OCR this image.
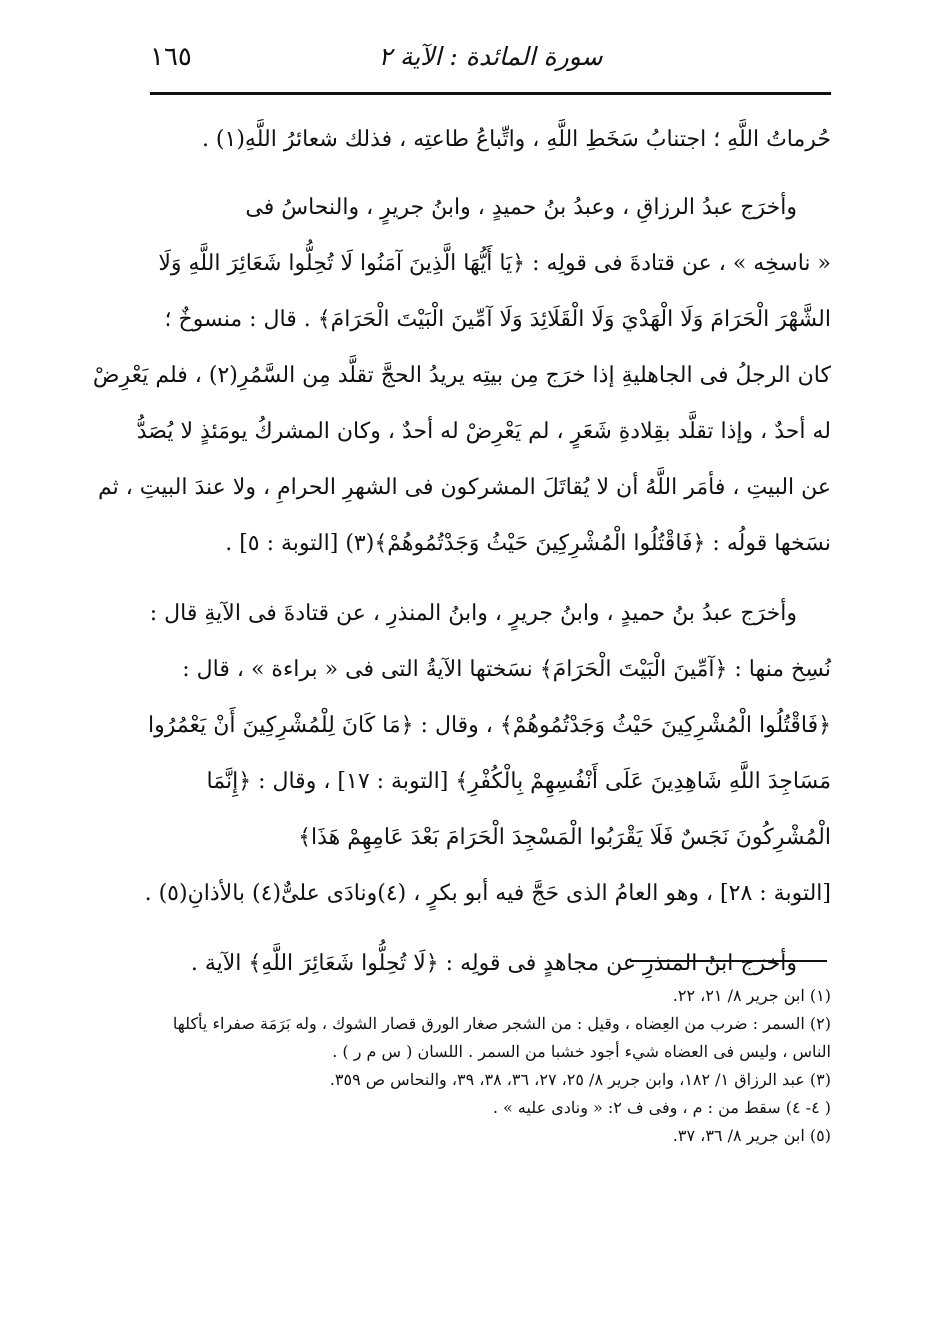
١٦٥	سورة المائدة : الآية ٢

حُرماتُ اللَّهِ ؛ اجتنابُ سَخَطِ اللَّهِ ، واتِّباعُ طاعتِه ، فذلك شعائرُ اللَّهِ(١) .

وأخرَج عبدُ الرزاقِ ، وعبدُ بنُ حميدٍ ، وابنُ جريرٍ ، والنحاسُ فى
« ناسخِه » ، عن قتادةَ فى قولِه : ﴿يَا أَيُّهَا الَّذِينَ آمَنُوا لَا تُحِلُّوا شَعَائِرَ اللَّهِ وَلَا
الشَّهْرَ الْحَرَامَ وَلَا الْهَدْيَ وَلَا الْقَلَائِدَ وَلَا آمِّينَ الْبَيْتَ الْحَرَامَ﴾ . قال : منسوخٌ ؛
كان الرجلُ فى الجاهليةِ إذا خرَج مِن بيتِه يريدُ الحجَّ تقلَّد مِن السَّمُرِ(٢) ، فلم يَعْرِضْ
له أحدٌ ، وإذا تقلَّد بقِلادةِ شَعَرٍ ، لم يَعْرِضْ له أحدٌ ، وكان المشركُ يومَئذٍ لا يُصَدُّ
عن البيتِ ، فأمَر اللَّهُ أن لا يُقاتَلَ المشركون فى الشهرِ الحرامِ ، ولا عندَ البيتِ ، ثم
نسَخها قولُه : ﴿فَاقْتُلُوا الْمُشْرِكِينَ حَيْثُ وَجَدْتُمُوهُمْ﴾(٣) [التوبة : ٥] .

وأخرَج عبدُ بنُ حميدٍ ، وابنُ جريرٍ ، وابنُ المنذرِ ، عن قتادةَ فى الآيةِ قال :
نُسِخ منها : ﴿آمِّينَ الْبَيْتَ الْحَرَامَ﴾ نسَختها الآيةُ التى فى « براءة » ، قال :
﴿فَاقْتُلُوا الْمُشْرِكِينَ حَيْثُ وَجَدْتُمُوهُمْ﴾ ، وقال : ﴿مَا كَانَ لِلْمُشْرِكِينَ أَنْ يَعْمُرُوا
مَسَاجِدَ اللَّهِ شَاهِدِينَ عَلَى أَنْفُسِهِمْ بِالْكُفْرِ﴾ [التوبة : ١٧] ، وقال : ﴿إِنَّمَا
الْمُشْرِكُونَ نَجَسٌ فَلَا يَقْرَبُوا الْمَسْجِدَ الْحَرَامَ بَعْدَ عَامِهِمْ هَذَا﴾
[التوبة : ٢٨] ، وهو العامُ الذى حَجَّ فيه أبو بكرٍ ، (٤)ونادَى علىٌّ(٤) بالأذانِ(٥) .

وأخرَج ابنُ المنذرِ عن مجاهدٍ فى قولِه : ﴿لَا تُحِلُّوا شَعَائِرَ اللَّهِ﴾ الآية .

(١) ابن جرير ٨/ ٢١، ٢٢.
(٢) السمر : ضرب من العِضاه ، وقيل : من الشجر صغار الورق قصار الشوك ، وله بَرَمَة صفراء يأكلها
الناس ، وليس فى العضاه شيء أجود خشبا من السمر . اللسان ( س م ر ) .
(٣) عبد الرزاق ١/ ١٨٢، وابن جرير ٨/ ٢٥، ٢٧، ٣٦، ٣٨، ٣٩، والنحاس ص ٣٥٩.
( ٤- ٤) سقط من : م ، وفى ف ٢: « ونادى عليه » .
(٥) ابن جرير ٨/ ٣٦، ٣٧.
